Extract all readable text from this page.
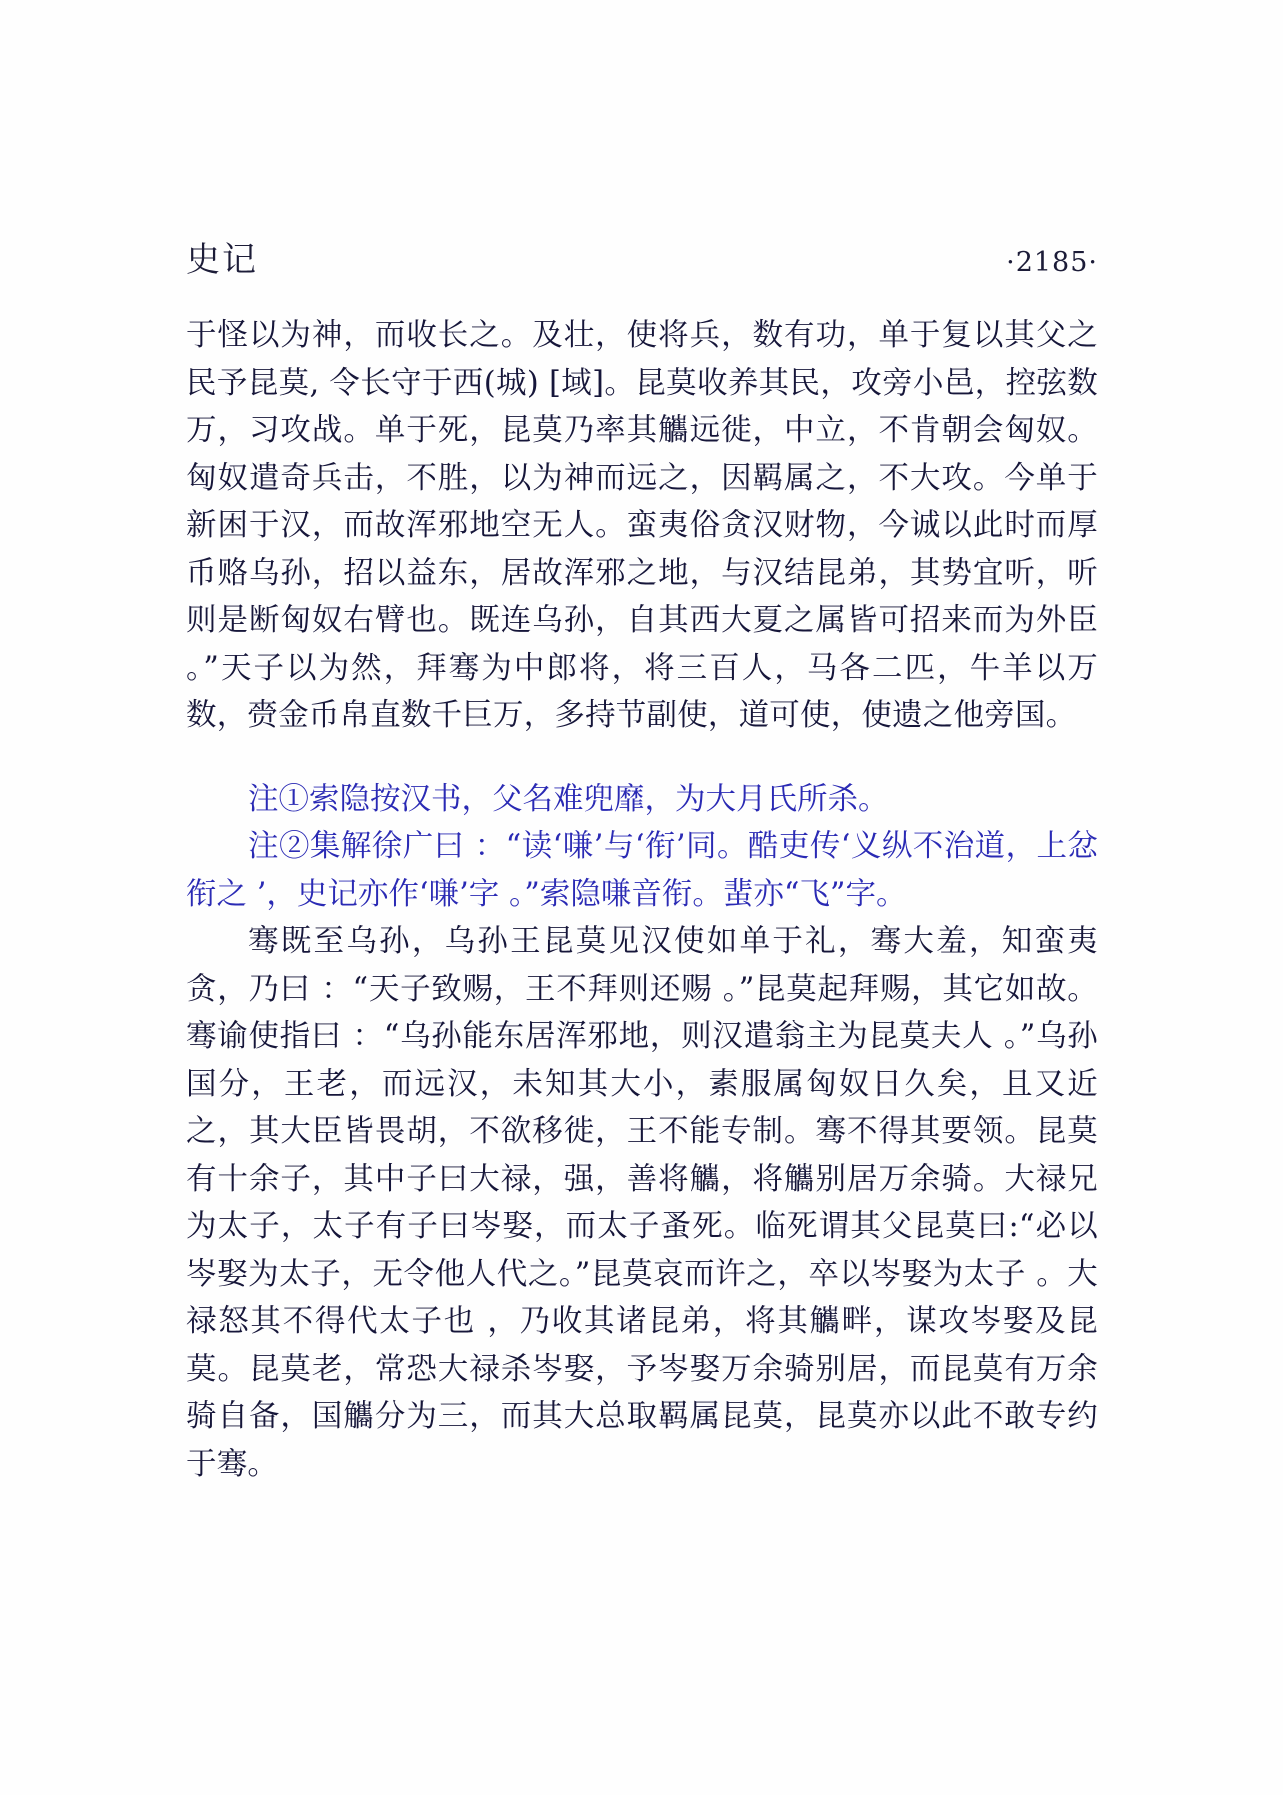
史记	·2185·

于怪以为神，而收长之。及壮，使将兵，数有功，单于复以其父之民予昆莫, 令长守于西(城) [域]。昆莫收养其民，攻旁小邑，控弦数万，习攻战。单于死，昆莫乃率其觿远徙，中立，不肯朝会匈奴。匈奴遣奇兵击，不胜，以为神而远之，因羁属之，不大攻。今单于新困于汉，而故浑邪地空无人。蛮夷俗贪汉财物，今诚以此时而厚币赂乌孙，招以益东，居故浑邪之地，与汉结昆弟，其势宜听，听则是断匈奴右臂也。既连乌孙，自其西大夏之属皆可招来而为外臣 。”天子以为然，拜骞为中郎将，将三百人，马各二匹，牛羊以万数，赍金币帛直数千巨万，多持节副使，道可使，使遗之他旁国。

注①索隐按汉书，父名难兜靡，为大月氏所杀。

注②集解徐广曰 ：“读‘嗛’与‘衔’同。酷吏传‘义纵不治道，上忿衔之 ’，史记亦作‘嗛’字 。”索隐嗛音衔。蜚亦“飞”字。

骞既至乌孙，乌孙王昆莫见汉使如单于礼，骞大羞，知蛮夷贪，乃曰 ：“天子致赐，王不拜则还赐 。”昆莫起拜赐，其它如故。骞谕使指曰 ：“乌孙能东居浑邪地，则汉遣翁主为昆莫夫人 。”乌孙国分，王老，而远汉，未知其大小，素服属匈奴日久矣，且又近之，其大臣皆畏胡，不欲移徙，王不能专制。骞不得其要领。昆莫有十余子，其中子曰大禄，强，善将觿，将觿别居万余骑。大禄兄为太子，太子有子曰岑娶，而太子蚤死。临死谓其父昆莫曰:“必以岑娶为太子，无令他人代之。”昆莫哀而许之，卒以岑娶为太子 。大禄怒其不得代太子也 ，乃收其诸昆弟，将其觿畔，谋攻岑娶及昆莫。昆莫老，常恐大禄杀岑娶，予岑娶万余骑别居，而昆莫有万余骑自备，国觿分为三，而其大总取羁属昆莫，昆莫亦以此不敢专约于骞。
